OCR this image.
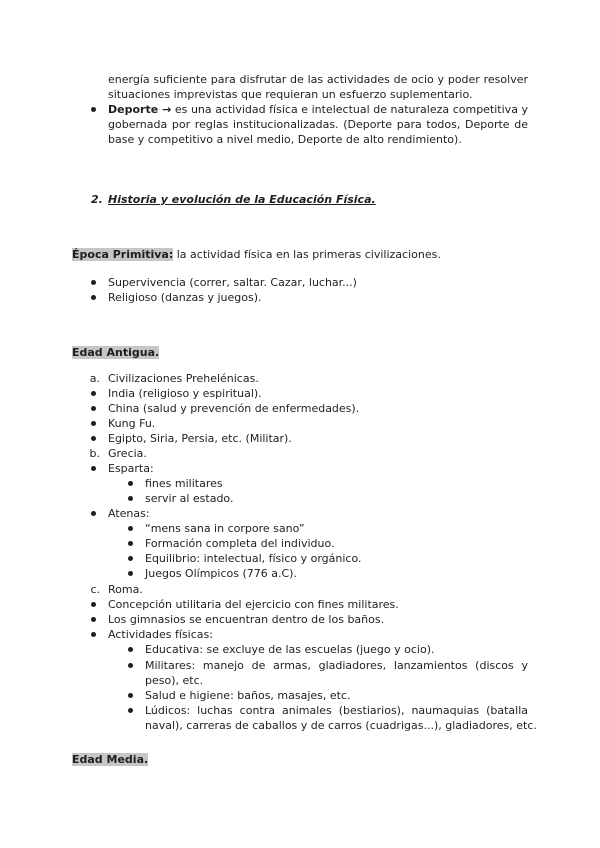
energía suficiente para disfrutar de las actividades de ocio y poder resolver
situaciones imprevistas que requieran un esfuerzo suplementario.
Deporte → es una actividad física e intelectual de naturaleza competitiva y
gobernada por reglas institucionalizadas. (Deporte para todos, Deporte de
base y competitivo a nivel medio, Deporte de alto rendimiento).
2. Historia y evolución de la Educación Física.
Época Primitiva: la actividad física en las primeras civilizaciones.
Supervivencia (correr, saltar. Cazar, luchar...)
Religioso (danzas y juegos).
Edad Antigua.
a. Civilizaciones Prehelénicas.
India (religioso y espiritual).
China (salud y prevención de enfermedades).
Kung Fu.
Egipto, Siria, Persia, etc. (Militar).
b. Grecia.
Esparta:
fines militares
servir al estado.
Atenas:
“mens sana in corpore sano”
Formación completa del individuo.
Equilibrio: intelectual, físico y orgánico.
Juegos Olímpicos (776 a.C).
c. Roma.
Concepción utilitaria del ejercicio con fines militares.
Los gimnasios se encuentran dentro de los baños.
Actividades físicas:
Educativa: se excluye de las escuelas (juego y ocio).
Militares: manejo de armas, gladiadores, lanzamientos (discos y
peso), etc.
Salud e higiene: baños, masajes, etc.
Lúdicos: luchas contra animales (bestiarios), naumaquias (batalla
naval), carreras de caballos y de carros (cuadrigas...), gladiadores, etc.
Edad Media.
